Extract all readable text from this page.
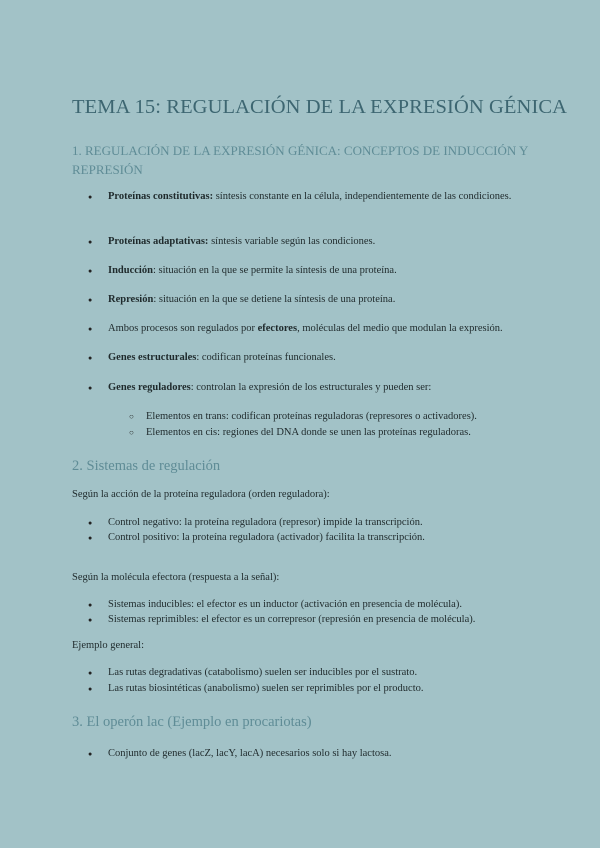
TEMA 15: REGULACIÓN DE LA EXPRESIÓN GÉNICA
1. REGULACIÓN DE LA EXPRESIÓN GÉNICA: CONCEPTOS DE INDUCCIÓN Y REPRESIÓN

● Proteínas constitutivas: síntesis constante en la célula, independientemente de las condiciones.

● Proteínas adaptativas: síntesis variable según las condiciones.

● Inducción: situación en la que se permite la síntesis de una proteína.

● Represión: situación en la que se detiene la síntesis de una proteína.

● Ambos procesos son regulados por efectores, moléculas del medio que modulan la expresión.

● Genes estructurales: codifican proteínas funcionales.

● Genes reguladores: controlan la expresión de los estructurales y pueden ser:

○ Elementos en trans: codifican proteínas reguladoras (represores o activadores).

○ Elementos en cis: regiones del DNA donde se unen las proteínas reguladoras.

2. Sistemas de regulación

Según la acción de la proteína reguladora (orden reguladora):

● Control negativo: la proteína reguladora (represor) impide la transcripción.

● Control positivo: la proteína reguladora (activador) facilita la transcripción.

Según la molécula efectora (respuesta a la señal):

● Sistemas inducibles: el efector es un inductor (activación en presencia de molécula).

● Sistemas reprimibles: el efector es un correpresor (represión en presencia de molécula).

Ejemplo general:

● Las rutas degradativas (catabolismo) suelen ser inducibles por el sustrato.

● Las rutas biosintéticas (anabolismo) suelen ser reprimibles por el producto.

3. El operón lac (Ejemplo en procariotas)

● Conjunto de genes (lacZ, lacY, lacA) necesarios solo si hay lactosa.
